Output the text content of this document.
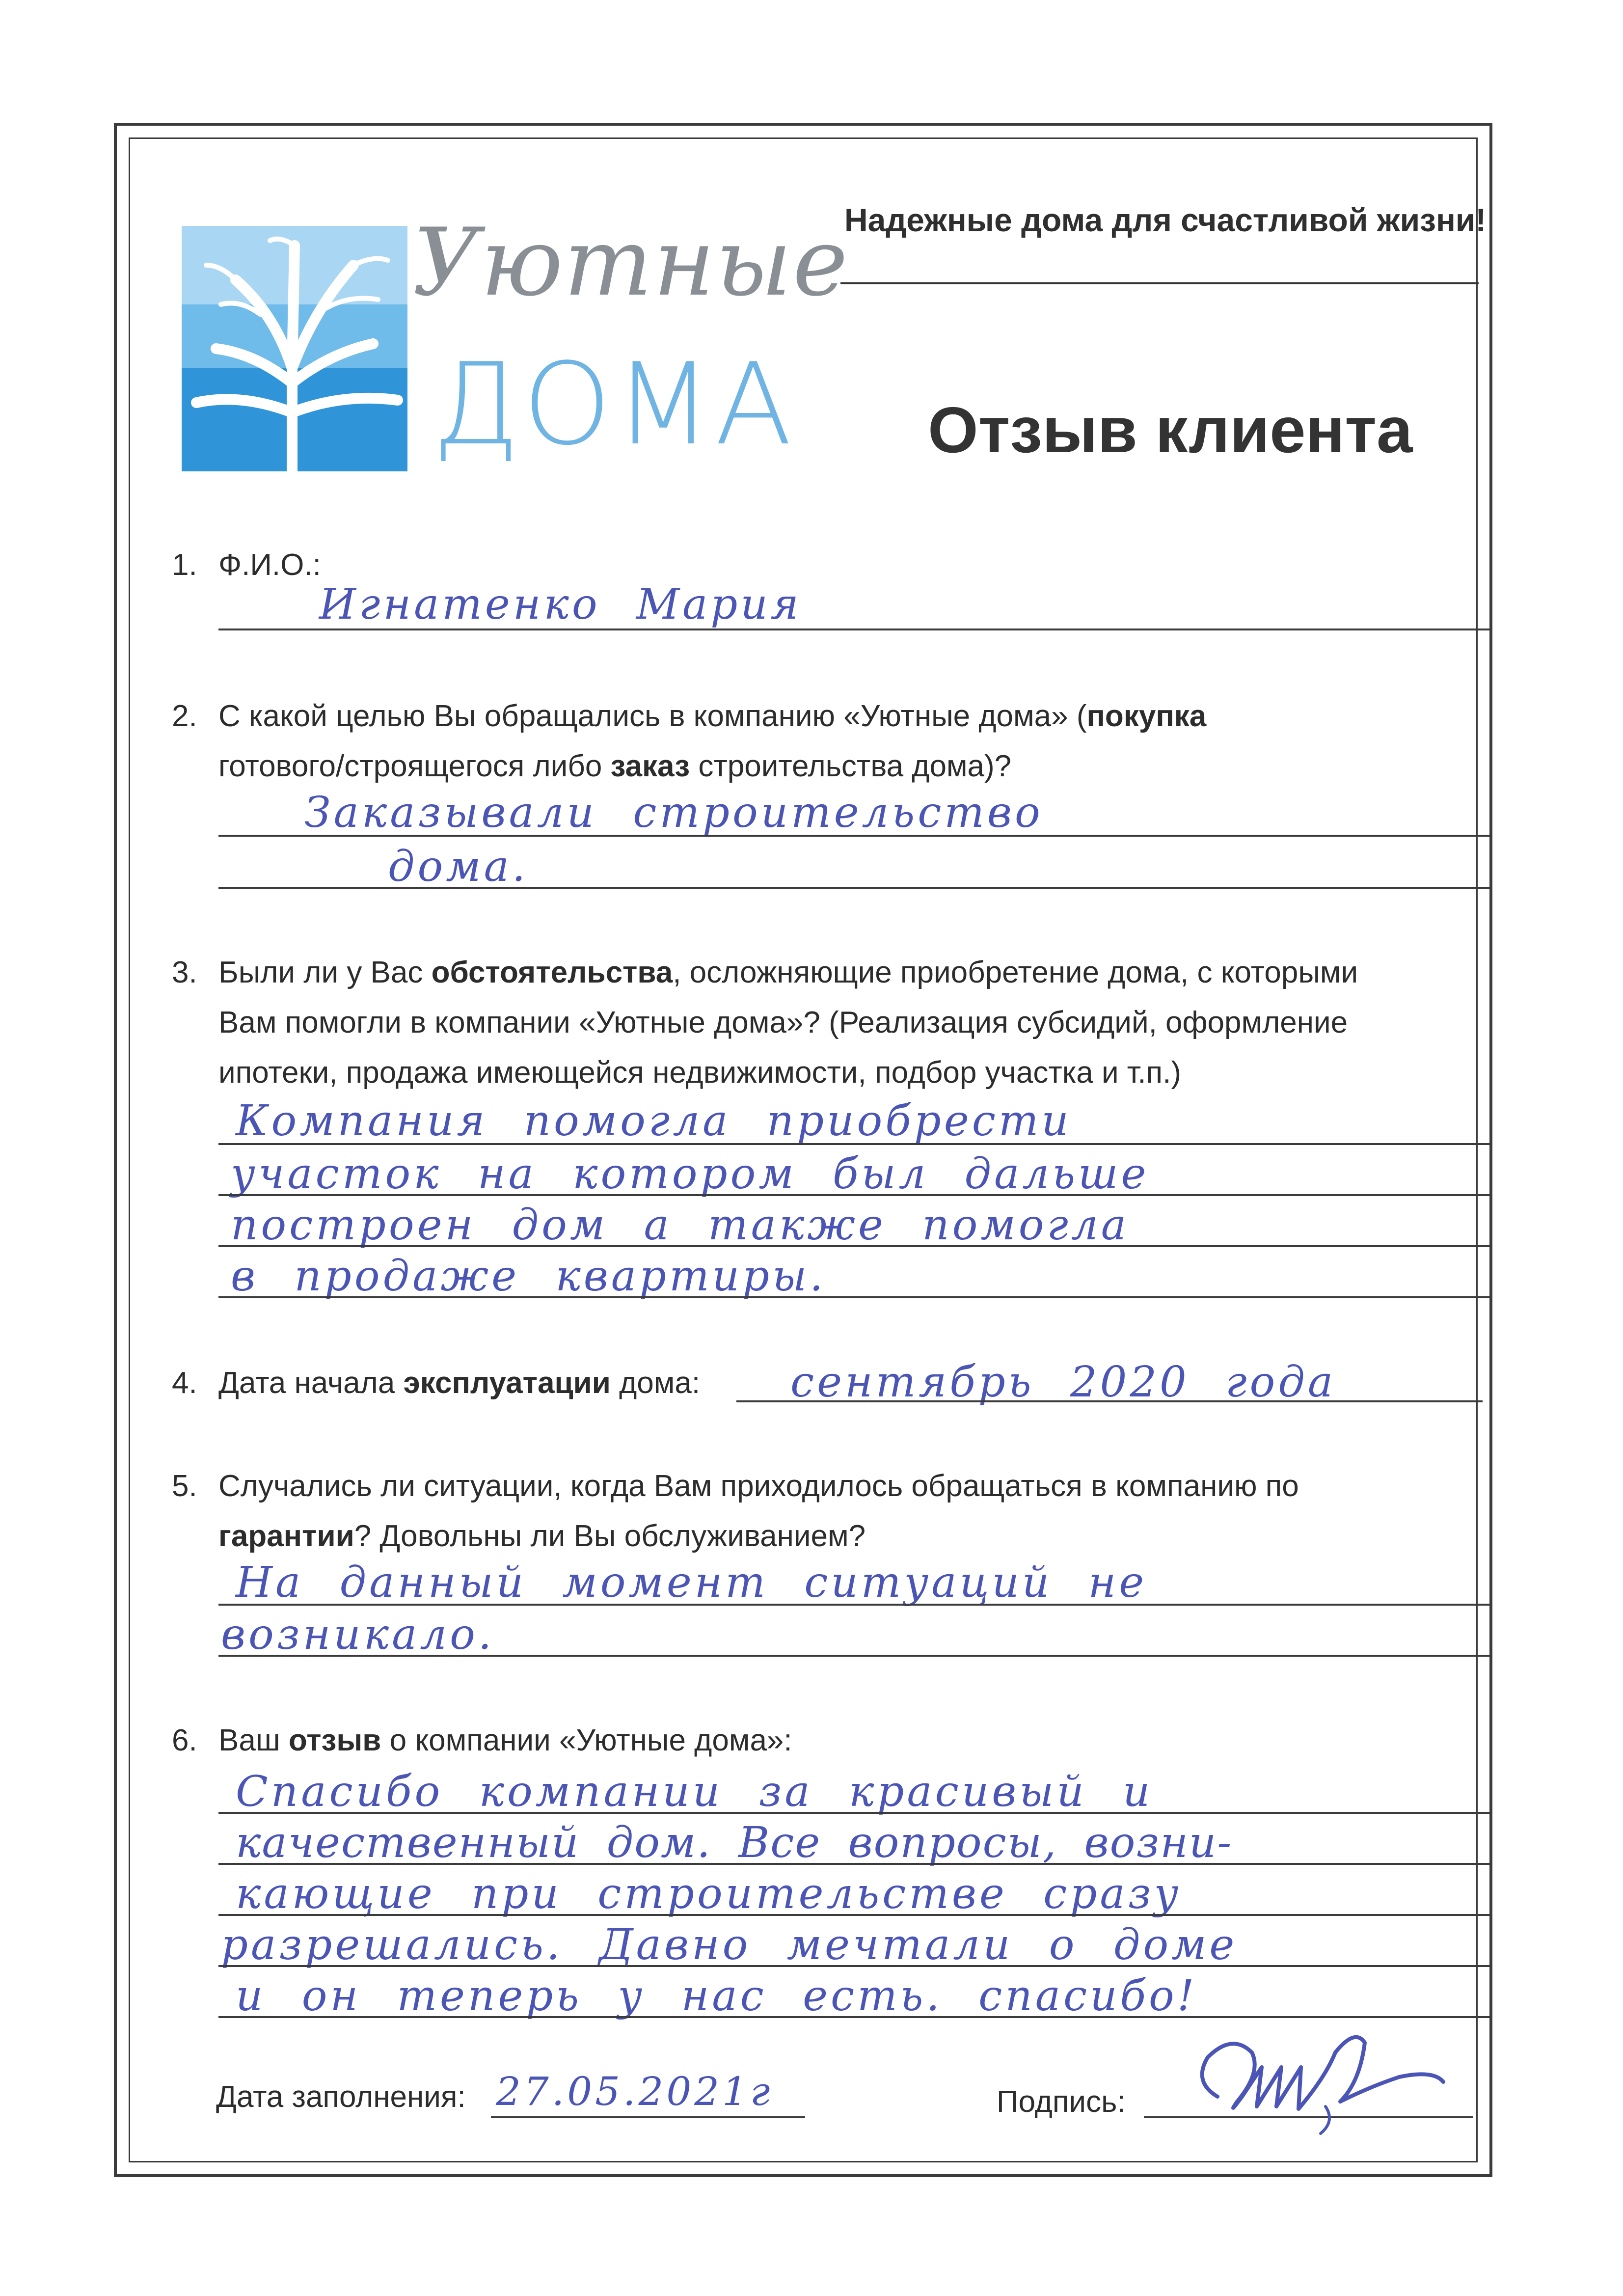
Уютные
ДОМА
Надежные дома для счастливой жизни!
Отзыв клиента
1. Ф.И.О.:
Игнатенко Мария
2. С какой целью Вы обращались в компанию «Уютные дома» (покупка
готового/строящегося либо заказ строительства дома)?
Заказывали строительство
дома.
3. Были ли у Вас обстоятельства, осложняющие приобретение дома, с которыми
Вам помогли в компании «Уютные дома»? (Реализация субсидий, оформление
ипотеки, продажа имеющейся недвижимости, подбор участка и т.п.)
Компания помогла приобрести
участок на котором был дальше
построен дом а также помогла
в продаже квартиры.
4. Дата начала эксплуатации дома: сентябрь 2020 года
5. Случались ли ситуации, когда Вам приходилось обращаться в компанию по
гарантии? Довольны ли Вы обслуживанием?
На данный момент ситуаций не
возникало.
6. Ваш отзыв о компании «Уютные дома»:
Спасибо компании за красивый и
качественный дом. Все вопросы, возни-
кающие при строительстве сразу
разрешались. Давно мечтали о доме
и он теперь у нас есть. спасибо!
Дата заполнения: 27.05.2021г	Подпись:
